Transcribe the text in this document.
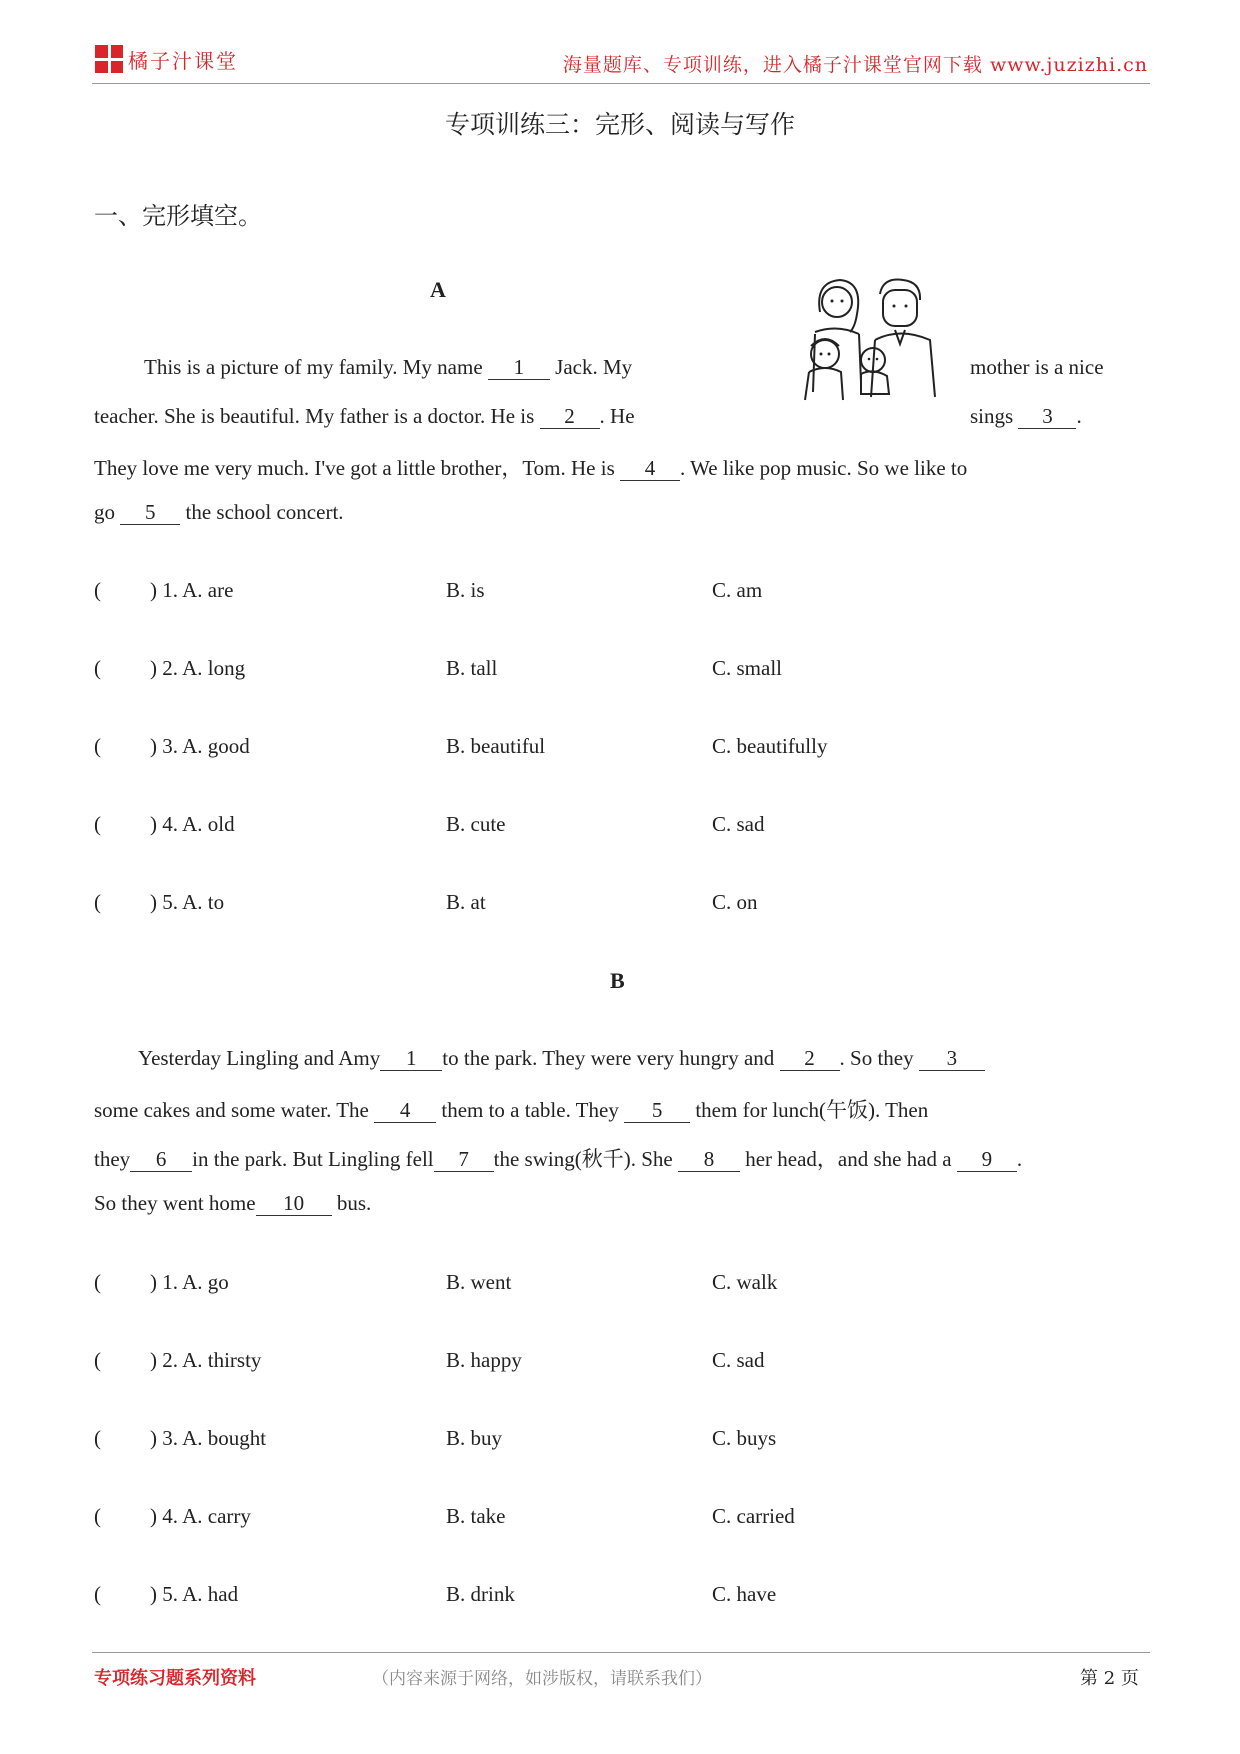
橘子汁课堂	海量题库、专项训练，进入橘子汁课堂官网下载 www.juzizhi.cn
专项训练三：完形、阅读与写作
一、完形填空。
A
This is a picture of my family. My name 1 Jack. My	mother is a nice
teacher. She is beautiful. My father is a doctor. He is 2 . He	sings 3 .
They love me very much. I've got a little brother，Tom. He is 4 . We like pop music. So we like to
go 5 the school concert.
( ) 1. A. are	B. is	C. am
( ) 2. A. long	B. tall	C. small
( ) 3. A. good	B. beautiful	C. beautifully
( ) 4. A. old	B. cute	C. sad
( ) 5. A. to	B. at	C. on
B
Yesterday Lingling and Amy 1 to the park. They were very hungry and 2 . So they 3
some cakes and some water. The 4 them to a table. They 5 them for lunch(午饭). Then
they 6 in the park. But Lingling fell 7 the swing(秋千). She 8 her head，and she had a 9 .
So they went home 10 bus.
( ) 1. A. go	B. went	C. walk
( ) 2. A. thirsty	B. happy	C. sad
( ) 3. A. bought	B. buy	C. buys
( ) 4. A. carry	B. take	C. carried
( ) 5. A. had	B. drink	C. have
专项练习题系列资料	（内容来源于网络，如涉版权，请联系我们）	第 2 页
